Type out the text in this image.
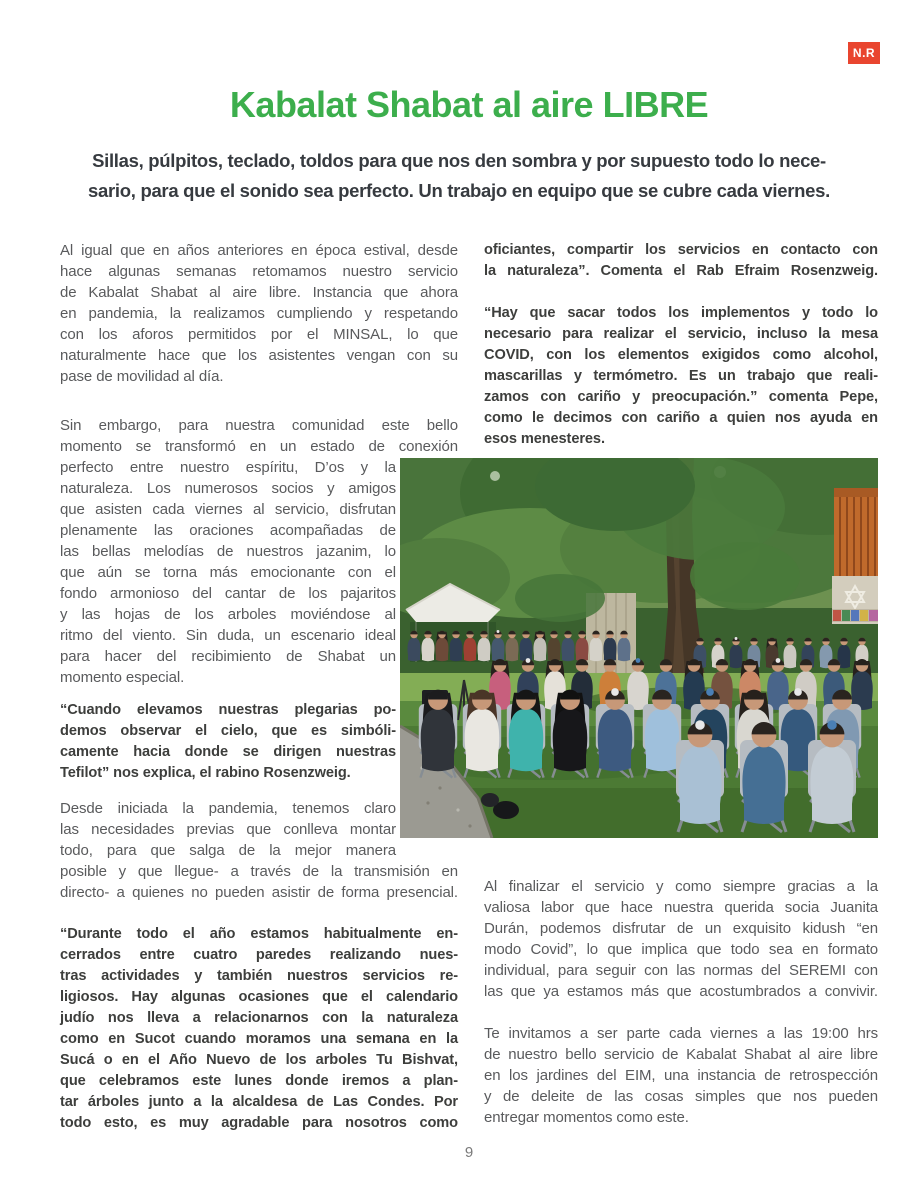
N.R
Kabalat Shabat al aire LIBRE
Sillas, púlpitos, teclado, toldos para que nos den sombra y por supuesto todo lo nece-
sario, para que el sonido sea perfecto. Un trabajo en equipo que se cubre cada viernes.
Al igual que en años anteriores en época estival, desde
hace algunas semanas retomamos nuestro servicio
de Kabalat Shabat al aire libre. Instancia que ahora
en pandemia, la realizamos cumpliendo y respetando
con los aforos permitidos por el MINSAL, lo que
naturalmente hace que los asistentes vengan con su
pase de movilidad al día.
Sin embargo, para nuestra comunidad este bello
momento se transformó en un estado de conexión
perfecto entre nuestro espíritu, D’os y la
naturaleza. Los numerosos socios y amigos
que asisten cada viernes al servicio, disfrutan
plenamente las oraciones acompañadas de
las bellas melodías de nuestros jazanim, lo
que aún se torna más emocionante con el
fondo armonioso del cantar de los pajaritos
y las hojas de los arboles moviéndose al
ritmo del viento. Sin duda, un escenario ideal
para hacer del recibimiento de Shabat un
momento especial.
“Cuando elevamos nuestras plegarias po-
demos observar el cielo, que es simbóli-
camente hacia donde se dirigen nuestras
Tefilot” nos explica, el rabino Rosenzweig.
Desde iniciada la pandemia, tenemos claro
las necesidades previas que conlleva montar
todo, para que salga de la mejor manera
posible y que llegue- a través de la transmisión en
directo- a quienes no pueden asistir de forma presencial.
“Durante todo el año estamos habitualmente en-
cerrados entre cuatro paredes realizando nues-
tras actividades y también nuestros servicios re-
ligiosos. Hay algunas ocasiones que el calendario
judío nos lleva a relacionarnos con la naturaleza
como en Sucot cuando moramos una semana en la
Sucá o en el Año Nuevo de los arboles Tu Bishvat,
que celebramos este lunes donde iremos a plan-
tar árboles junto a la alcaldesa de Las Condes. Por
todo esto, es muy agradable para nosotros como
oficiantes, compartir los servicios en contacto con
la naturaleza”. Comenta el Rab Efraim Rosenzweig.
“Hay que sacar todos los implementos y todo lo
necesario para realizar el servicio, incluso la mesa
COVID, con los elementos exigidos como alcohol,
mascarillas y termómetro. Es un trabajo que reali-
zamos con cariño y preocupación.” comenta Pepe,
como le decimos con cariño a quien nos ayuda en
esos menesteres.
Al finalizar el servicio y como siempre gracias a la
valiosa labor que hace nuestra querida socia Juanita
Durán, podemos disfrutar de un exquisito kidush “en
modo Covid”, lo que implica que todo sea en formato
individual, para seguir con las normas del SEREMI con
las que ya estamos más que acostumbrados a convivir.
Te invitamos a ser parte cada viernes a las 19:00 hrs
de nuestro bello servicio de Kabalat Shabat al aire libre
en los jardines del EIM, una instancia de retrospección
y de deleite de las cosas simples que nos pueden
entregar momentos como este.
9
